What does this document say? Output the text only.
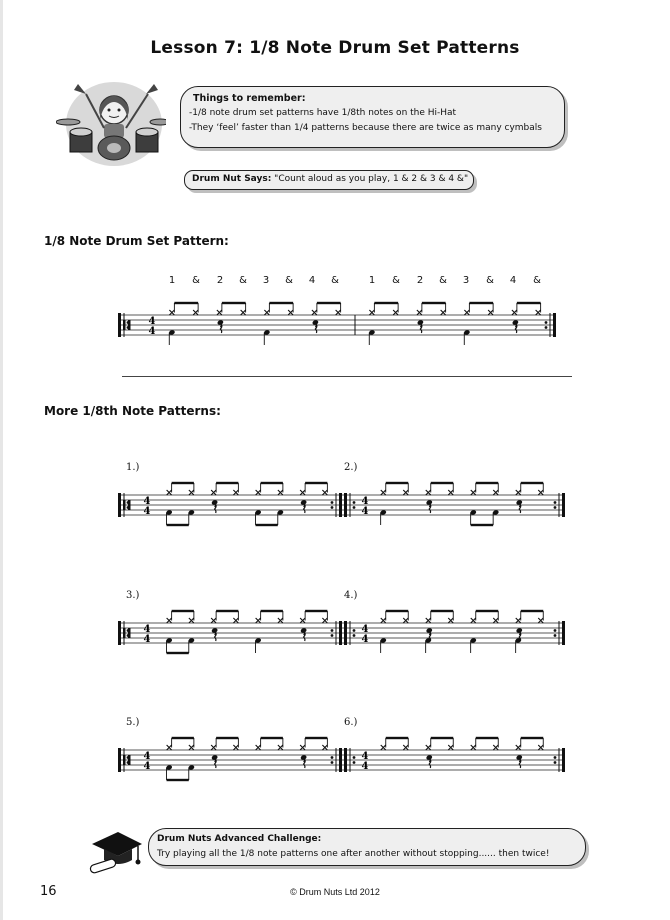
Lesson 7: 1/8 Note Drum Set Patterns
Things to remember:
-1/8 note drum set patterns have 1/8th notes on the Hi-Hat
-They ‘feel’ faster than 1/4 patterns because there are twice as many cymbals
Drum Nut Says: "Count aloud as you play, 1 & 2 & 3 & 4 &"
1/8 Note Drum Set Pattern:
1 & 2 & 3 & 4 &	1 & 2 & 3 & 4 &
More 1/8th Note Patterns:
1.)	2.)
3.)	4.)
5.)	6.)
4
4
4
4
4
4
4
4
4
4
4
4
4
4
Drum Nuts Advanced Challenge:
Try playing all the 1/8 note patterns one after another without stopping...... then twice!
16	© Drum Nuts Ltd 2012
